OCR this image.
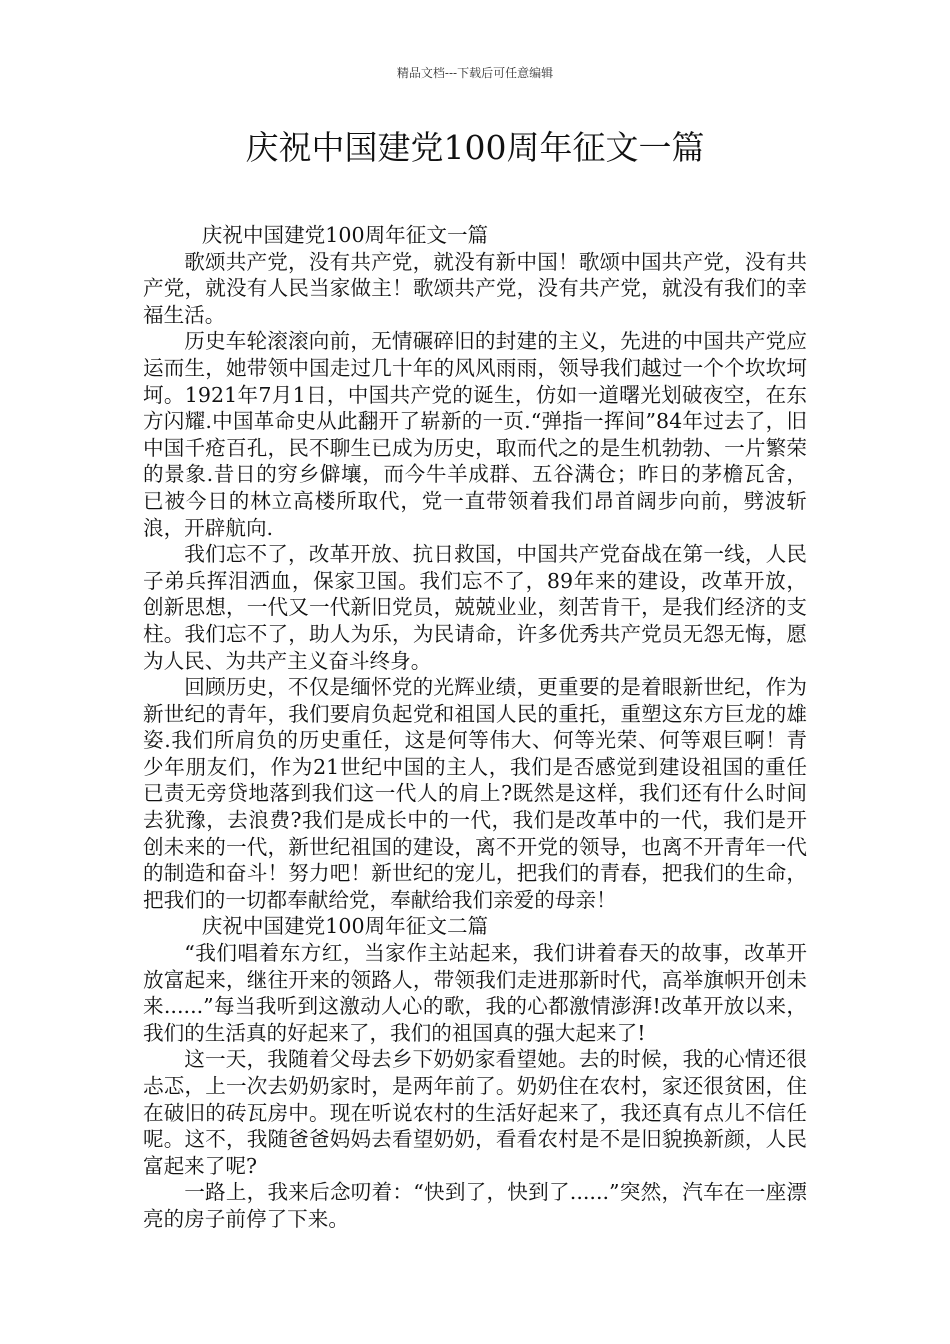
精品文档---下载后可任意编辑
庆祝中国建党100周年征文一篇

庆祝中国建党100周年征文一篇

歌颂共产党，没有共产党，就没有新中国！歌颂中国共产党，没有共产党，就没有人民当家做主！歌颂共产党，没有共产党，就没有我们的幸福生活。

历史车轮滚滚向前，无情碾碎旧的封建的主义，先进的中国共产党应运而生，她带领中国走过几十年的风风雨雨，领导我们越过一个个坎坎坷坷。1921年7月1日，中国共产党的诞生，仿如一道曙光划破夜空，在东方闪耀.中国革命史从此翻开了崭新的一页.“弹指一挥间”84年过去了，旧中国千疮百孔，民不聊生已成为历史，取而代之的是生机勃勃、一片繁荣的景象.昔日的穷乡僻壤，而今牛羊成群、五谷满仓；昨日的茅檐瓦舍，已被今日的林立高楼所取代，党一直带领着我们昂首阔步向前，劈波斩浪，开辟航向.

我们忘不了，改革开放、抗日救国，中国共产党奋战在第一线，人民子弟兵挥泪洒血，保家卫国。我们忘不了，89年来的建设，改革开放，创新思想，一代又一代新旧党员，兢兢业业，刻苦肯干，是我们经济的支柱。我们忘不了，助人为乐，为民请命，许多优秀共产党员无怨无悔，愿为人民、为共产主义奋斗终身。

回顾历史，不仅是缅怀党的光辉业绩，更重要的是着眼新世纪，作为新世纪的青年，我们要肩负起党和祖国人民的重托，重塑这东方巨龙的雄姿.我们所肩负的历史重任，这是何等伟大、何等光荣、何等艰巨啊！青少年朋友们，作为21世纪中国的主人，我们是否感觉到建设祖国的重任已责无旁贷地落到我们这一代人的肩上?既然是这样，我们还有什么时间去犹豫，去浪费?我们是成长中的一代，我们是改革中的一代，我们是开创未来的一代，新世纪祖国的建设，离不开党的领导，也离不开青年一代的制造和奋斗！努力吧！新世纪的宠儿，把我们的青春，把我们的生命，把我们的一切都奉献给党，奉献给我们亲爱的母亲！

庆祝中国建党100周年征文二篇

“我们唱着东方红，当家作主站起来，我们讲着春天的故事，改革开放富起来，继往开来的领路人，带领我们走进那新时代，高举旗帜开创未来......”每当我听到这激动人心的歌，我的心都激情澎湃!改革开放以来，我们的生活真的好起来了，我们的祖国真的强大起来了!

这一天，我随着父母去乡下奶奶家看望她。去的时候，我的心情还很忐忑，上一次去奶奶家时，是两年前了。奶奶住在农村，家还很贫困，住在破旧的砖瓦房中。现在听说农村的生活好起来了，我还真有点儿不信任呢。这不，我随爸爸妈妈去看望奶奶，看看农村是不是旧貌换新颜，人民富起来了呢?

一路上，我来后念叨着：“快到了，快到了......”突然，汽车在一座漂亮的房子前停了下来。
